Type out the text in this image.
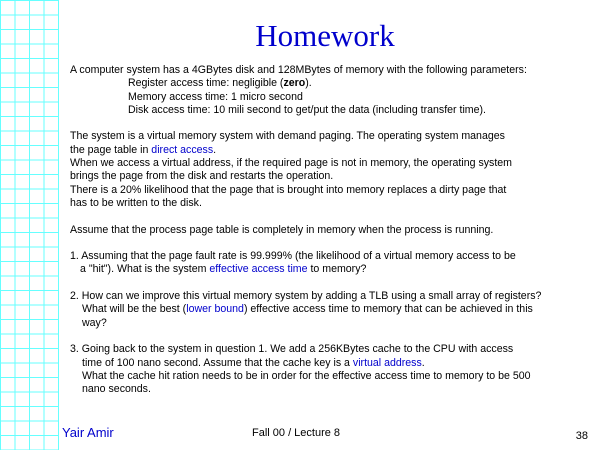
Homework
A computer system has a 4GBytes disk and 128MBytes of memory with the following parameters:
Register access time: negligible (zero).
Memory access time: 1 micro second
Disk access time: 10 mili second to get/put the data (including transfer time).
The system is a virtual memory system with demand paging. The operating system manages
the page table in direct access.
When we access a virtual address, if the required page is not in memory, the operating system
brings the page from the disk and restarts the operation.
There is a 20% likelihood that the page that is brought into memory replaces a dirty page that
has to be written to the disk.
Assume that the process page table is completely in memory when the process is running.
1. Assuming that the page fault rate is 99.999% (the likelihood of a virtual memory access to be
a "hit"). What is the system effective access time to memory?
2. How can we improve this virtual memory system by adding a TLB using a small array of registers?
What will be the best (lower bound) effective access time to memory that can be achieved in this
way?
3. Going back to the system in question 1. We add a 256KBytes cache to the CPU with access
time of 100 nano second. Assume that the cache key is a virtual address.
What the cache hit ration needs to be in order for the effective access time to memory to be 500
nano seconds.
Yair Amir	Fall 00 / Lecture 8	38
